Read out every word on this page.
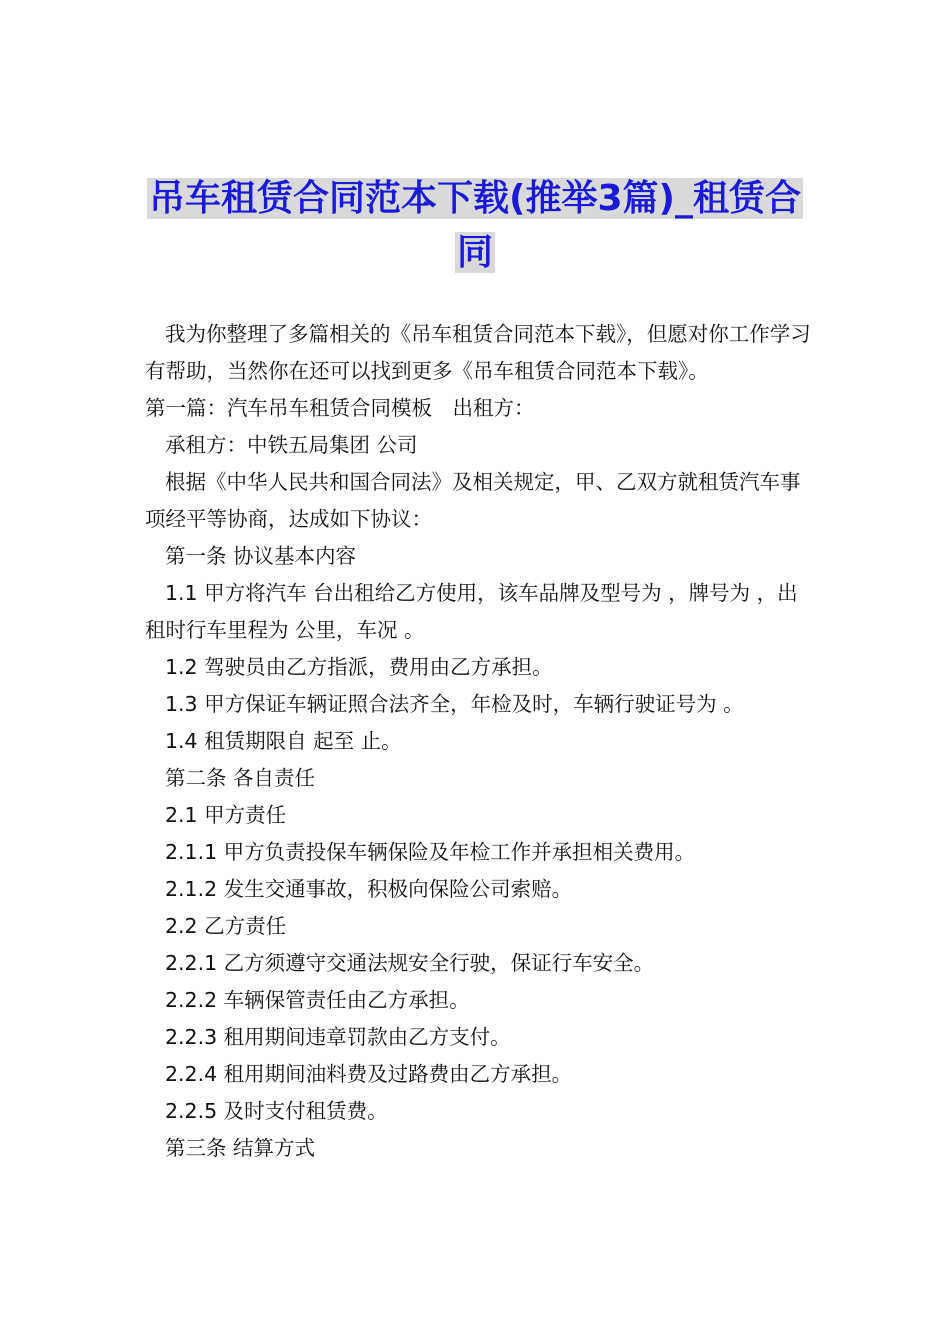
吊车租赁合同范本下载(推举3篇)_租赁合同

我为你整理了多篇相关的《吊车租赁合同范本下载》，但愿对你工作学习有帮助，当然你在还可以找到更多《吊车租赁合同范本下载》。

第一篇：汽车吊车租赁合同模板　出租方：

承租方：中铁五局集团 公司

根据《中华人民共和国合同法》及相关规定，甲、乙双方就租赁汽车事项经平等协商，达成如下协议：

第一条 协议基本内容

1.1 甲方将汽车 台出租给乙方使用，该车品牌及型号为 ，牌号为 ，出租时行车里程为 公里，车况 。

1.2 驾驶员由乙方指派，费用由乙方承担。

1.3 甲方保证车辆证照合法齐全，年检及时，车辆行驶证号为 。

1.4 租赁期限自 起至 止。

第二条 各自责任

2.1 甲方责任

2.1.1 甲方负责投保车辆保险及年检工作并承担相关费用。

2.1.2 发生交通事故，积极向保险公司索赔。

2.2 乙方责任

2.2.1 乙方须遵守交通法规安全行驶，保证行车安全。

2.2.2 车辆保管责任由乙方承担。

2.2.3 租用期间违章罚款由乙方支付。

2.2.4 租用期间油料费及过路费由乙方承担。

2.2.5 及时支付租赁费。

第三条 结算方式
